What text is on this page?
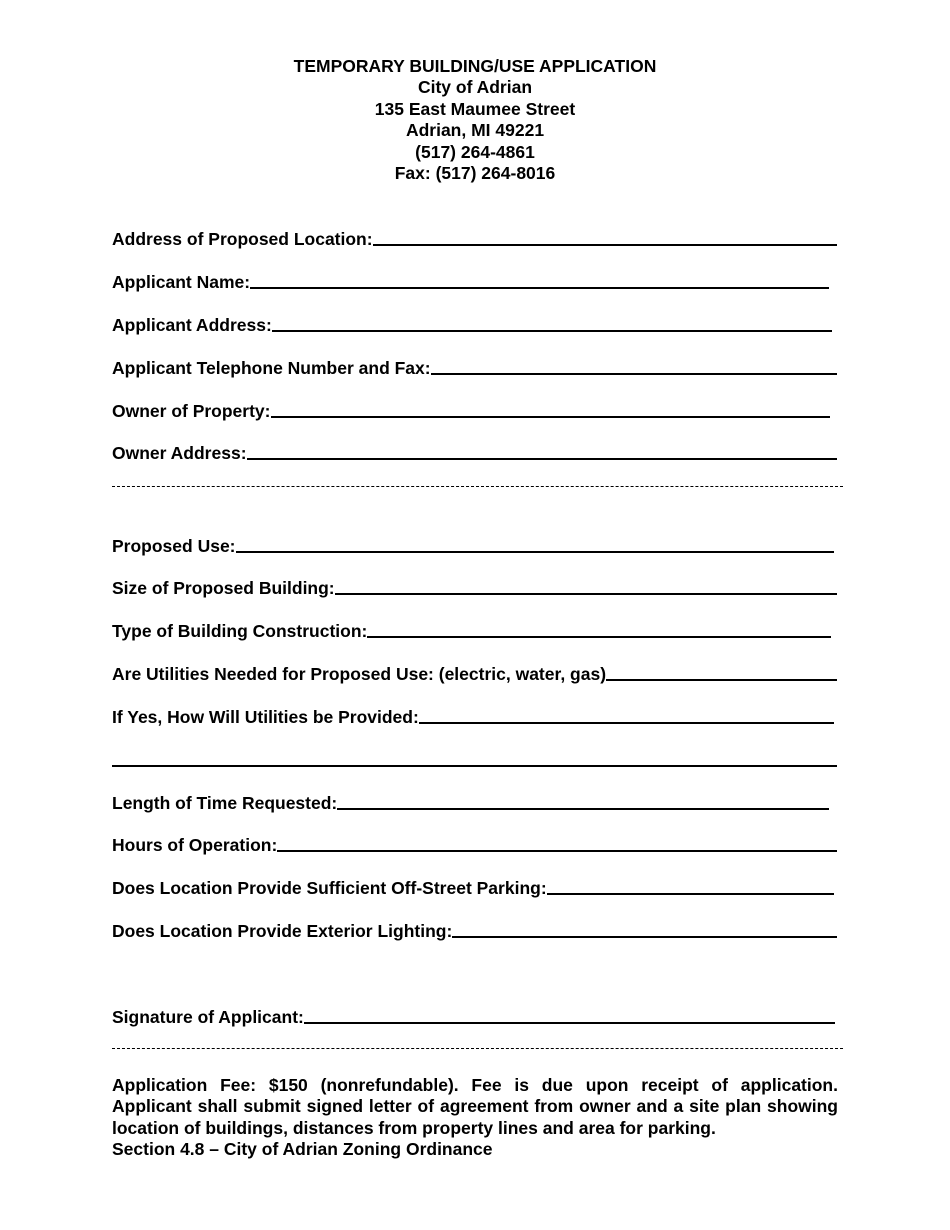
TEMPORARY BUILDING/USE APPLICATION
City of Adrian
135 East Maumee Street
Adrian, MI 49221
(517) 264-4861
Fax: (517) 264-8016
Address of Proposed Location:
Applicant Name:
Applicant Address:
Applicant Telephone Number and Fax:
Owner of Property:
Owner Address:
Proposed Use:
Size of Proposed Building:
Type of Building Construction:
Are Utilities Needed for Proposed Use: (electric, water, gas)
If Yes, How Will Utilities be Provided:
Length of Time Requested:
Hours of Operation:
Does Location Provide Sufficient Off-Street Parking:
Does Location Provide Exterior Lighting:
Signature of Applicant:
Application Fee: $150 (nonrefundable). Fee is due upon receipt of application. Applicant shall submit signed letter of agreement from owner and a site plan showing location of buildings, distances from property lines and area for parking.
Section 4.8 – City of Adrian Zoning Ordinance
